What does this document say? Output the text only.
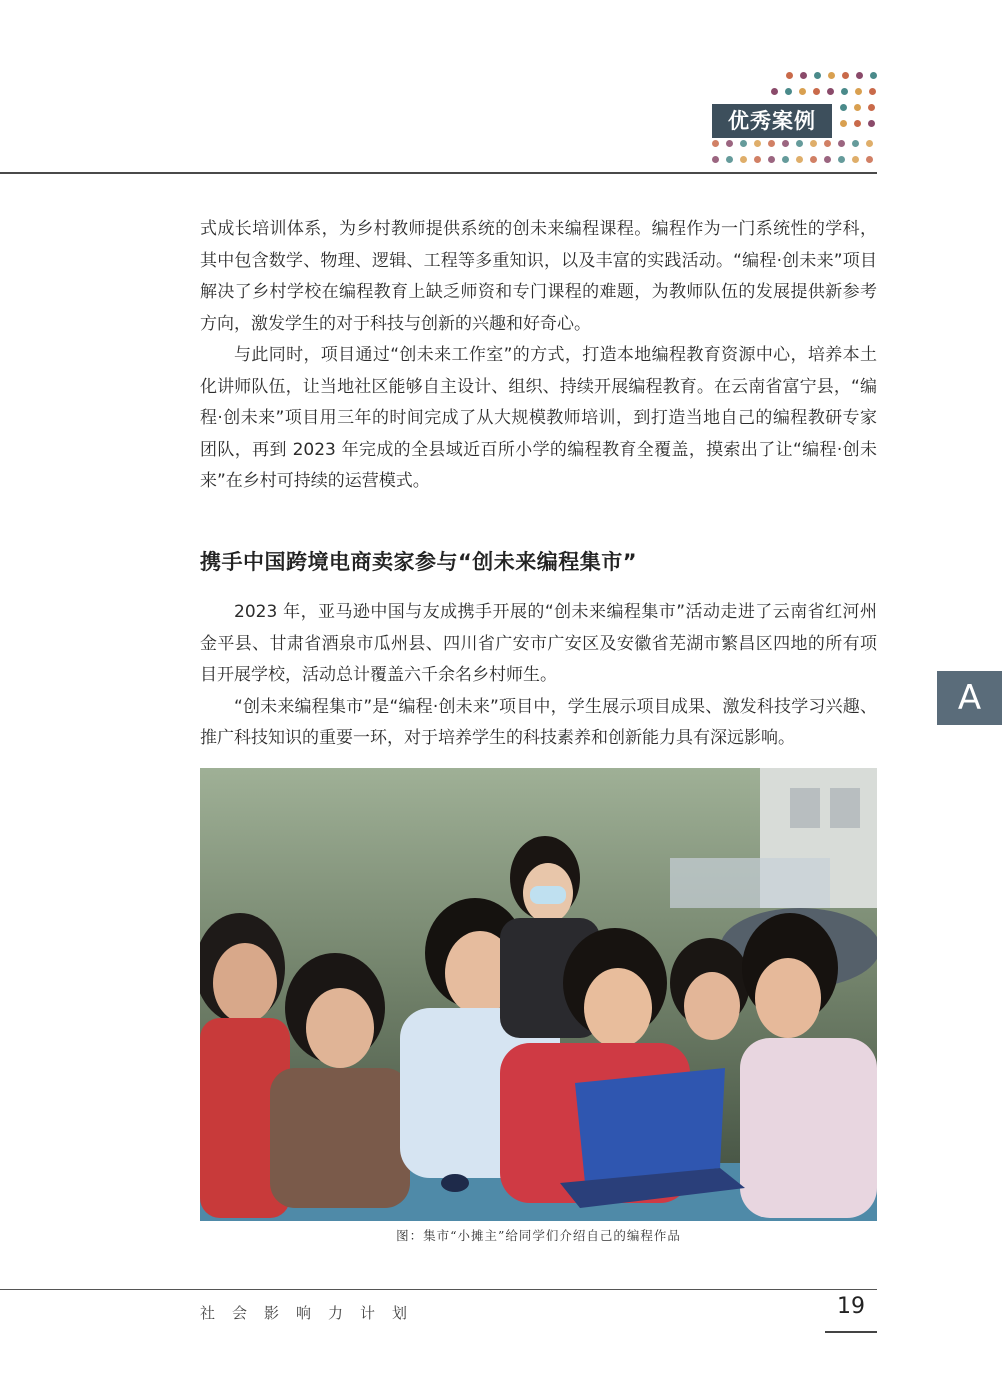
优秀案例

式成长培训体系，为乡村教师提供系统的创未来编程课程。编程作为一门系统性的学科，其中包含数学、物理、逻辑、工程等多重知识，以及丰富的实践活动。“编程·创未来”项目解决了乡村学校在编程教育上缺乏师资和专门课程的难题，为教师队伍的发展提供新参考方向，激发学生的对于科技与创新的兴趣和好奇心。

与此同时，项目通过“创未来工作室”的方式，打造本地编程教育资源中心，培养本土化讲师队伍，让当地社区能够自主设计、组织、持续开展编程教育。在云南省富宁县，“编程·创未来”项目用三年的时间完成了从大规模教师培训，到打造当地自己的编程教研专家团队，再到 2023 年完成的全县域近百所小学的编程教育全覆盖，摸索出了让“编程·创未来”在乡村可持续的运营模式。

携手中国跨境电商卖家参与“创未来编程集市”

2023 年，亚马逊中国与友成携手开展的“创未来编程集市”活动走进了云南省红河州金平县、甘肃省酒泉市瓜州县、四川省广安市广安区及安徽省芜湖市繁昌区四地的所有项目开展学校，活动总计覆盖六千余名乡村师生。

“创未来编程集市”是“编程·创未来”项目中，学生展示项目成果、激发科技学习兴趣、推广科技知识的重要一环，对于培养学生的科技素养和创新能力具有深远影响。

A
图：集市“小摊主”给同学们介绍自己的编程作品
社会影响力计划	19
